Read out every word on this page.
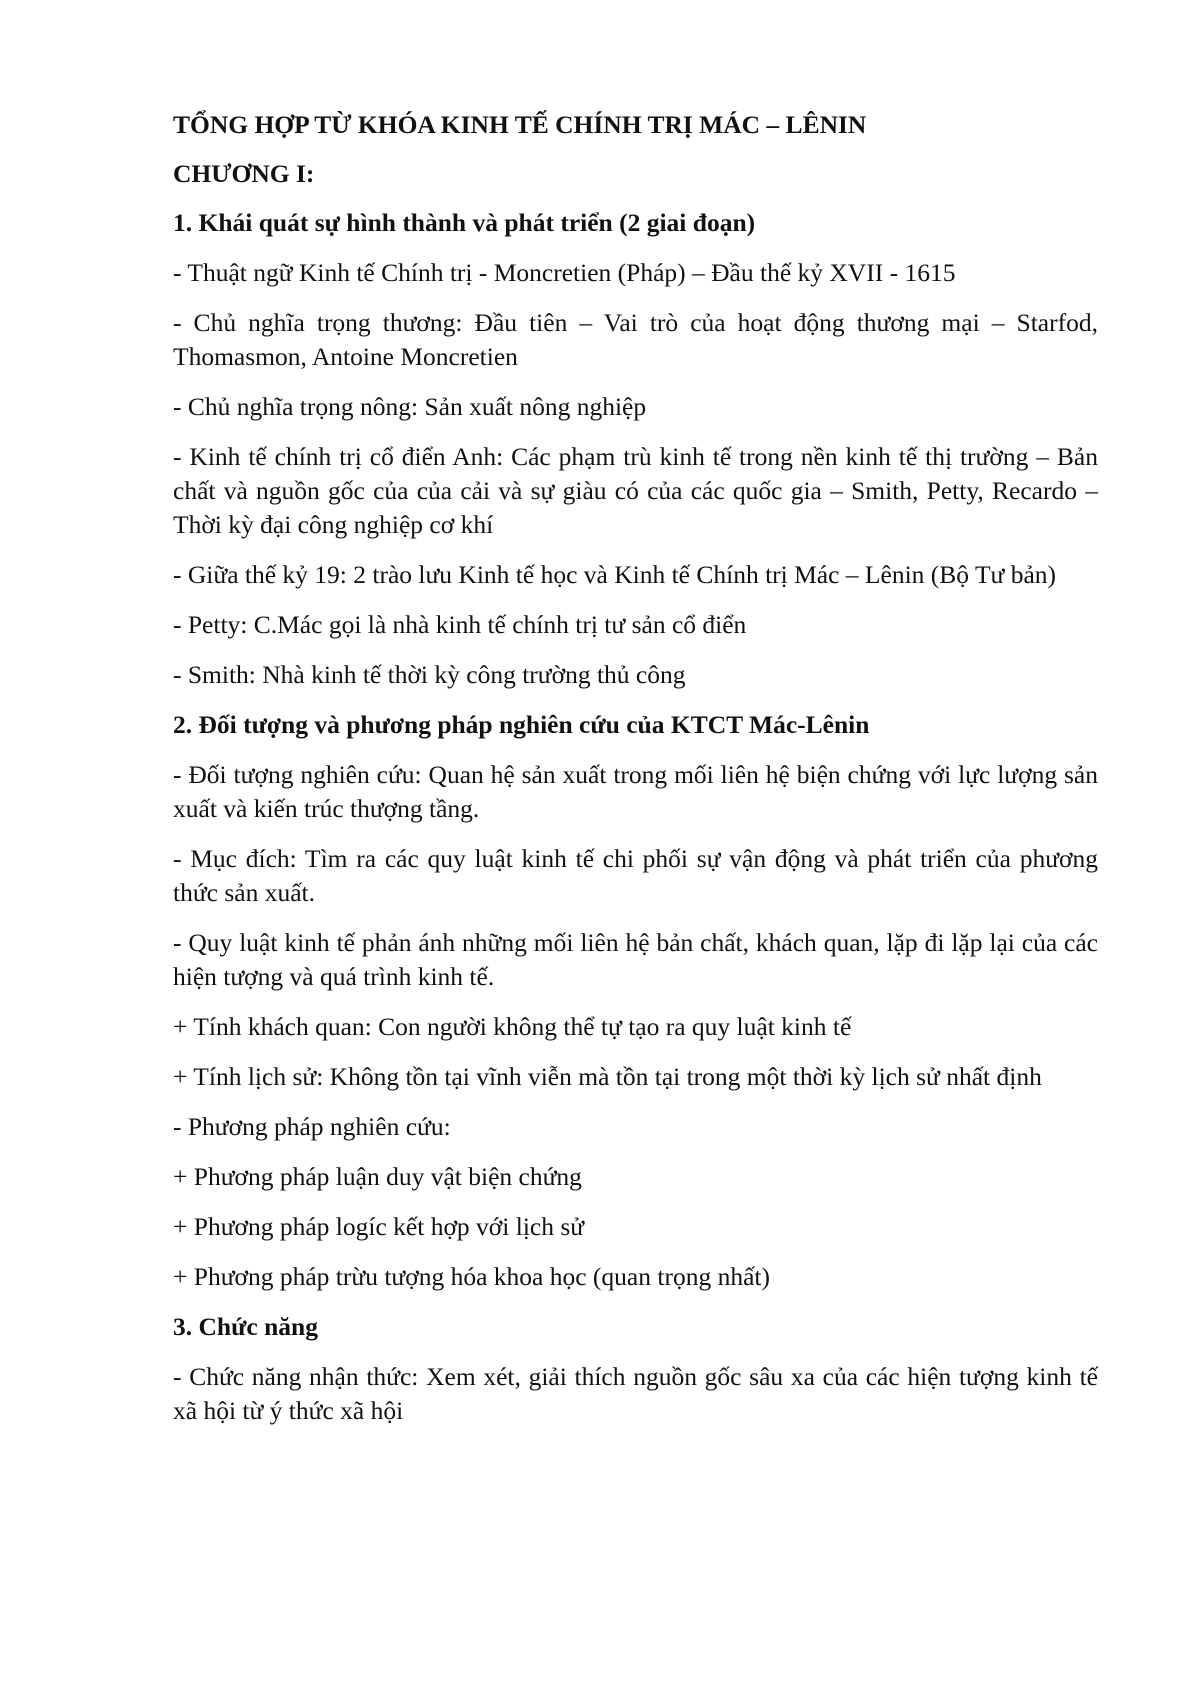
TỔNG HỢP TỪ KHÓA KINH TẾ CHÍNH TRỊ MÁC – LÊNIN
CHƯƠNG I:
1. Khái quát sự hình thành và phát triển (2 giai đoạn)
- Thuật ngữ Kinh tế Chính trị - Moncretien (Pháp) – Đầu thế kỷ XVII - 1615
- Chủ nghĩa trọng thương: Đầu tiên – Vai trò của hoạt động thương mại – Starfod, Thomasmon, Antoine Moncretien
- Chủ nghĩa trọng nông: Sản xuất nông nghiệp
- Kinh tế chính trị cổ điển Anh: Các phạm trù kinh tế trong nền kinh tế thị trường – Bản chất và nguồn gốc của của cải và sự giàu có của các quốc gia – Smith, Petty, Recardo – Thời kỳ đại công nghiệp cơ khí
- Giữa thế kỷ 19: 2 trào lưu Kinh tế học và Kinh tế Chính trị Mác – Lênin (Bộ Tư bản)
- Petty: C.Mác gọi là nhà kinh tế chính trị tư sản cổ điển
- Smith: Nhà kinh tế thời kỳ công trường thủ công
2. Đối tượng và phương pháp nghiên cứu của KTCT Mác-Lênin
- Đối tượng nghiên cứu: Quan hệ sản xuất trong mối liên hệ biện chứng với lực lượng sản xuất và kiến trúc thượng tầng.
- Mục đích: Tìm ra các quy luật kinh tế chi phối sự vận động và phát triển của phương thức sản xuất.
- Quy luật kinh tế phản ánh những mối liên hệ bản chất, khách quan, lặp đi lặp lại của các hiện tượng và quá trình kinh tế.
+ Tính khách quan: Con người không thể tự tạo ra quy luật kinh tế
+ Tính lịch sử: Không tồn tại vĩnh viễn mà tồn tại trong một thời kỳ lịch sử nhất định
- Phương pháp nghiên cứu:
+ Phương pháp luận duy vật biện chứng
+ Phương pháp logíc kết hợp với lịch sử
+ Phương pháp trừu tượng hóa khoa học (quan trọng nhất)
3. Chức năng
- Chức năng nhận thức: Xem xét, giải thích nguồn gốc sâu xa của các hiện tượng kinh tế xã hội từ ý thức xã hội
